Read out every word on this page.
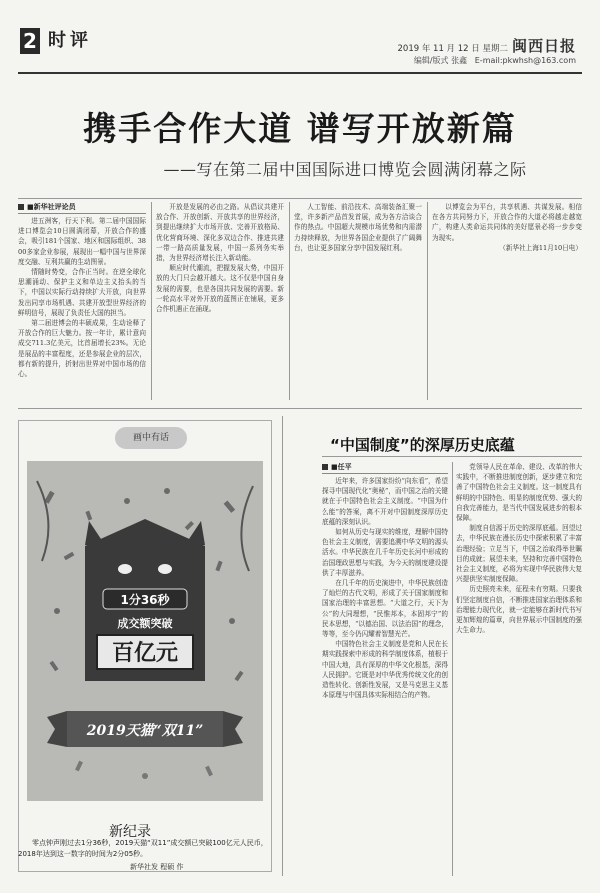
2 时评	2019 年 11 月 12 日 星期二 闽西日报
编辑/版式 张鑫 E-mail:pkwhsh@163.com
携手合作大道 谱写开放新篇
——写在第二届中国国际进口博览会圆满闭幕之际
■新华社评论员

进五洲客，行天下利。第二届中国国际进口博览会10日圆满闭幕，开放合作的盛会，吸引181个国家、地区和国际组织、3800多家企业参展，展现出一幅中国与世界深度交融、互利共赢的生动图景。

情随时势变，合作正当时。在逆全球化思潮涌动、保护主义和单边主义抬头的当下，中国以实际行动持续扩大开放，向世界发出同享市场机遇、共建开放型世界经济的鲜明信号，展现了负责任大国的担当。

第二届进博会的丰硕成果，生动诠释了开放合作的巨大魅力。按一年计，累计意向成交711.3亿美元，比首届增长23%。无论是展品的丰富程度，还是参展企业的层次，都有新的提升，折射出世界对中国市场的信心。

开放是发展的必由之路。从倡议共建开放合作、开放创新、开放共享的世界经济，到提出继续扩大市场开放、完善开放格局、优化营商环境、深化多双边合作、推进共建一带一路高质量发展，中国一系列务实举措，为世界经济增长注入新动能。

顺应时代潮流，把握发展大势，中国开放的大门只会越开越大。这不仅是中国自身发展的需要，也是各国共同发展的需要。新一轮高水平对外开放的蓝图正在铺展，更多合作机遇正在涌现。

人工智能、前沿技术、高端装备汇聚一堂，许多新产品首发首展，成为各方洽谈合作的热点。中国超大规模市场优势和内需潜力持续释放，为世界各国企业提供了广阔舞台，也让更多国家分享中国发展红利。

以博览会为平台，共享机遇、共谋发展。相信在各方共同努力下，开放合作的大道必将越走越宽广，构建人类命运共同体的美好愿景必将一步步变为现实。

（新华社上海11月10日电）

画中有话
1分36秒
成交额突破
百亿元
2019天猫“双11”
新纪录
零点钟声刚过去1分36秒，2019天猫“双11”成交额已突破100亿元人民币，2018年达到这一数字的时间为2分05秒。
新华社发 程硕 作
“中国制度”的深厚历史底蕴
■任平

近年来，许多国家纷纷“向东看”，希望探寻中国现代化“奥秘”，而中国之治的关键就在于中国特色社会主义制度。“中国为什么能”的答案，离不开对中国制度深厚历史底蕴的深刻认识。

如何从历史与现实的维度，理解中国特色社会主义制度，需要追溯中华文明的源头活水。中华民族在几千年历史长河中形成的治国理政思想与实践，为今天的制度建设提供了丰厚滋养。

在几千年的历史演进中，中华民族创造了灿烂的古代文明，形成了关于国家制度和国家治理的丰富思想。“大道之行，天下为公”的大同理想，“民惟邦本，本固邦宁”的民本思想，“以德治国、以法治国”的理念，等等，至今仍闪耀着智慧光芒。

中国特色社会主义制度是党和人民在长期实践探索中形成的科学制度体系，植根于中国大地，具有深厚的中华文化根基，深得人民拥护。它既是对中华优秀传统文化的创造性转化、创新性发展，又是马克思主义基本原理与中国具体实际相结合的产物。

党领导人民在革命、建设、改革的伟大实践中，不断推进制度创新，逐步建立和完善了中国特色社会主义制度。这一制度具有鲜明的中国特色、明显的制度优势、强大的自我完善能力，是当代中国发展进步的根本保障。

制度自信源于历史的深厚底蕴。回望过去，中华民族在漫长历史中探索积累了丰富治理经验；立足当下，中国之治取得举世瞩目的成就；展望未来，坚持和完善中国特色社会主义制度，必将为实现中华民族伟大复兴提供坚实制度保障。

历史照亮未来，征程未有穷期。只要我们坚定制度自信，不断推进国家治理体系和治理能力现代化，就一定能够在新时代书写更加辉煌的篇章，向世界展示中国制度的强大生命力。
